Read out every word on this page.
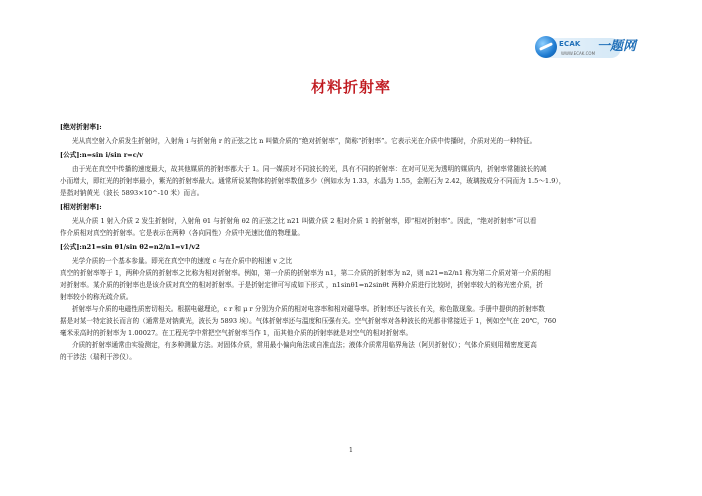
ECAK 一题网
WWW.ECAK.COM
材料折射率

[绝对折射率]:

光从真空射入介质发生折射时，入射角 i 与折射角 r 的正弦之比 n 叫做介质的“绝对折射率”，简称“折射率”。它表示光在介质中传播时，介质对光的一种特征。

[公式]:n=sin i/sin r=c/v

由于光在真空中传播的速度最大，故其他媒质的折射率都大于 1。同一媒质对不同波长的光，具有不同的折射率：在对可见光为透明的媒质内，折射率常随波长的减

小而增大，即红光的折射率最小，紫光的折射率最大。通常所说某物体的折射率数值多少（例如水为 1.33，水晶为 1.55，金刚石为 2.42，玻璃按成分不同而为 1.5～1.9），

是指对钠黄光（波长 5893×10^-10 米）而言。

[相对折射率]:

光从介质 1 射入介质 2 发生折射时，入射角 θ1 与折射角 θ2 的正弦之比 n21 叫做介质 2 相对介质 1 的折射率，即“相对折射率”。因此，“绝对折射率”可以看

作介质相对真空的折射率。它是表示在两种（各向同性）介质中光速比值的物理量。

[公式]:n21=sin θ1/sin θ2=n2/n1=v1/v2

光学介质的一个基本参量。即光在真空中的速度 c 与在介质中的相速 v 之比

真空的折射率等于 1，两种介质的折射率之比称为相对折射率。例如，第一介质的折射率为 n1，第二介质的折射率为 n2，则 n21=n2/n1 称为第二介质对第一介质的相

对折射率。某介质的折射率也是该介质对真空的相对折射率。于是折射定律可写成如下形式 ，n1sinθ1=n2sinθt 两种介质进行比较时，折射率较大的称光密介质，折

射率较小的称光疏介质。

折射率与介质的电磁性质密切相关。根据电磁理论，ε r 和 μ r 分别为介质的相对电容率和相对磁导率。折射率还与波长有关，称色散现象。手册中提供的折射率数

据是对某一特定波长而言的（通常是对钠黄光，波长为 5893 埃）。气体折射率还与温度和压强有关。空气折射率对各种波长的光都非常接近于 1，例如空气在 20℃，760

毫米汞高时的折射率为 1.00027。在工程光学中常把空气折射率当作 1，而其他介质的折射率就是对空气的相对折射率。

介质的折射率通常由实验测定，有多种测量方法。对固体介质，常用最小偏向角法或自准直法；液体介质常用临界角法（阿贝折射仪）；气体介质则用精密度更高

的干涉法（瑞利干涉仪）。

1
